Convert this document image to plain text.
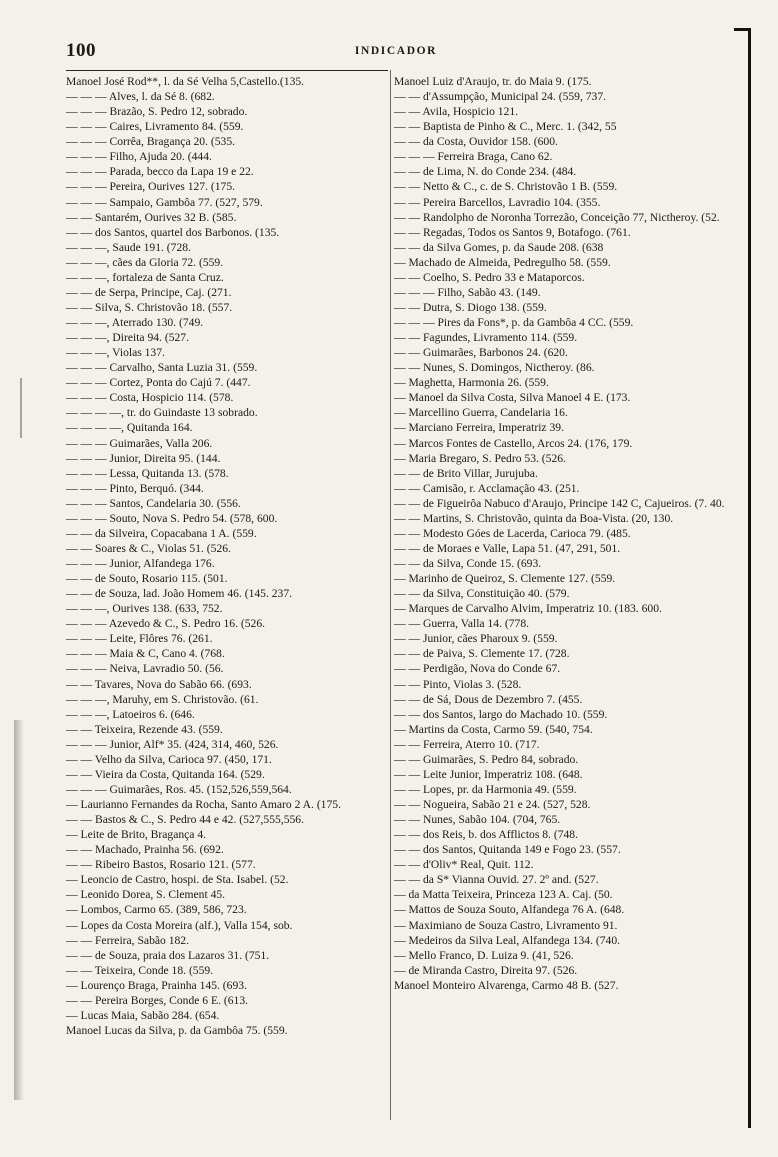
100	INDICADOR
Manoel José Rod**, l. da Sé Velha 5,Castello.(135.
— — — Alves, l. da Sé 8. (682.
— — — Brazão, S. Pedro 12, sobrado.
— — — Caires, Livramento 84. (559.
— — — Corrêa, Bragança 20. (535.
— — — Filho, Ajuda 20. (444.
— — — Parada, becco da Lapa 19 e 22.
— — — Pereira, Ourives 127. (175.
— — — Sampaio, Gambôa 77. (527, 579.
— — Santarém, Ourives 32 B. (585.
— — dos Santos, quartel dos Barbonos. (135.
— — —, Saude 191. (728.
— — —, cães da Gloria 72. (559.
— — —, fortaleza de Santa Cruz.
— — de Serpa, Principe, Caj. (271.
— — Silva, S. Christovão 18. (557.
— — —, Aterrado 130. (749.
— — —, Direita 94. (527.
— — —, Violas 137.
— — — Carvalho, Santa Luzia 31. (559.
— — — Cortez, Ponta do Cajú 7. (447.
— — — Costa, Hospicio 114. (578.
— — — —, tr. do Guindaste 13 sobrado.
— — — —, Quitanda 164.
— — — Guimarães, Valla 206.
— — — Junior, Direita 95. (144.
— — — Lessa, Quitanda 13. (578.
— — — Pinto, Berquó. (344.
— — — Santos, Candelaria 30. (556.
— — — Souto, Nova S. Pedro 54. (578, 600.
— — da Silveira, Copacabana 1 A. (559.
— — Soares & C., Violas 51. (526.
— — — Junior, Alfandega 176.
— — de Souto, Rosario 115. (501.
— — de Souza, lad. João Homem 46. (145. 237.
— — —, Ourives 138. (633, 752.
— — — Azevedo & C., S. Pedro 16. (526.
— — — Leite, Flôres 76. (261.
— — — Maia & C, Cano 4. (768.
— — — Neiva, Lavradio 50. (56.
— — Tavares, Nova do Sabão 66. (693.
— — —, Maruhy, em S. Christovão. (61.
— — —, Latoeiros 6. (646.
— — Teixeira, Rezende 43. (559.
— — — Junior, Alf* 35. (424, 314, 460, 526.
— — Velho da Silva, Carioca 97. (450, 171.
— — Vieira da Costa, Quitanda 164. (529.
— — — Guimarães, Ros. 45. (152,526,559,564.
— Laurianno Fernandes da Rocha, Santo Amaro 2 A. (175.
— — Bastos & C., S. Pedro 44 e 42. (527,555,556.
— Leite de Brito, Bragança 4.
— — Machado, Prainha 56. (692.
— — Ribeiro Bastos, Rosario 121. (577.
— Leoncio de Castro, hospi. de Sta. Isabel. (52.
— Leonido Dorea, S. Clement 45.
— Lombos, Carmo 65. (389, 586, 723.
— Lopes da Costa Moreira (alf.), Valla 154, sob.
— — Ferreira, Sabão 182.
— — de Souza, praia dos Lazaros 31. (751.
— — Teixeira, Conde 18. (559.
— Lourenço Braga, Prainha 145. (693.
— — Pereira Borges, Conde 6 E. (613.
— Lucas Maia, Sabão 284. (654.
Manoel Lucas da Silva, p. da Gambôa 75. (559.
Manoel Luiz d'Araujo, tr. do Maia 9. (175.
— — d'Assumpção, Municipal 24. (559, 737.
— — Avila, Hospicio 121.
— — Baptista de Pinho & C., Merc. 1. (342, 55
— — da Costa, Ouvidor 158. (600.
— — — Ferreira Braga, Cano 62.
— — de Lima, N. do Conde 234. (484.
— — Netto & C., c. de S. Christovão 1 B. (559.
— — Pereira Barcellos, Lavradio 104. (355.
— — Randolpho de Noronha Torrezão, Conceição 77, Nictheroy. (52.
— — Regadas, Todos os Santos 9, Botafogo. (761.
— — da Silva Gomes, p. da Saude 208. (638
— Machado de Almeida, Pedregulho 58. (559.
— — Coelho, S. Pedro 33 e Mataporcos.
— — — Filho, Sabão 43. (149.
— — Dutra, S. Diogo 138. (559.
— — — Pires da Fons*, p. da Gambôa 4 CC. (559.
— — Fagundes, Livramento 114. (559.
— — Guimarães, Barbonos 24. (620.
— — Nunes, S. Domingos, Nictheroy. (86.
— Maghetta, Harmonia 26. (559.
— Manoel da Silva Costa, Silva Manoel 4 E. (173.
— Marcellino Guerra, Candelaria 16.
— Marciano Ferreira, Imperatriz 39.
— Marcos Fontes de Castello, Arcos 24. (176, 179.
— Maria Bregaro, S. Pedro 53. (526.
— — de Brito Villar, Jurujuba.
— — Camisão, r. Acclamação 43. (251.
— — de Figueirôa Nabuco d'Araujo, Principe 142 C, Cajueiros. (7. 40.
— — Martins, S. Christovão, quinta da Boa-Vista. (20, 130.
— — Modesto Góes de Lacerda, Carioca 79. (485.
— — de Moraes e Valle, Lapa 51. (47, 291, 501.
— — da Silva, Conde 15. (693.
— Marinho de Queiroz, S. Clemente 127. (559.
— — da Silva, Constituição 40. (579.
— Marques de Carvalho Alvim, Imperatriz 10. (183. 600.
— — Guerra, Valla 14. (778.
— — Junior, cães Pharoux 9. (559.
— — de Paiva, S. Clemente 17. (728.
— — Perdigão, Nova do Conde 67.
— — Pinto, Violas 3. (528.
— — de Sá, Dous de Dezembro 7. (455.
— — dos Santos, largo do Machado 10. (559.
— Martins da Costa, Carmo 59. (540, 754.
— — Ferreira, Aterro 10. (717.
— — Guimarães, S. Pedro 84, sobrado.
— — Leite Junior, Imperatriz 108. (648.
— — Lopes, pr. da Harmonia 49. (559.
— — Nogueira, Sabão 21 e 24. (527, 528.
— — Nunes, Sabão 104. (704, 765.
— — dos Reis, b. dos Afflictos 8. (748.
— — dos Santos, Quitanda 149 e Fogo 23. (557.
— — d'Oliv* Real, Quit. 112.
— — da S* Vianna Ouvid. 27. 2º and. (527.
— da Matta Teixeira, Princeza 123 A. Caj. (50.
— Mattos de Souza Souto, Alfandega 76 A. (648.
— Maximiano de Souza Castro, Livramento 91.
— Medeiros da Silva Leal, Alfandega 134. (740.
— Mello Franco, D. Luiza 9. (41, 526.
— de Miranda Castro, Direita 97. (526.
Manoel Monteiro Alvarenga, Carmo 48 B. (527.
